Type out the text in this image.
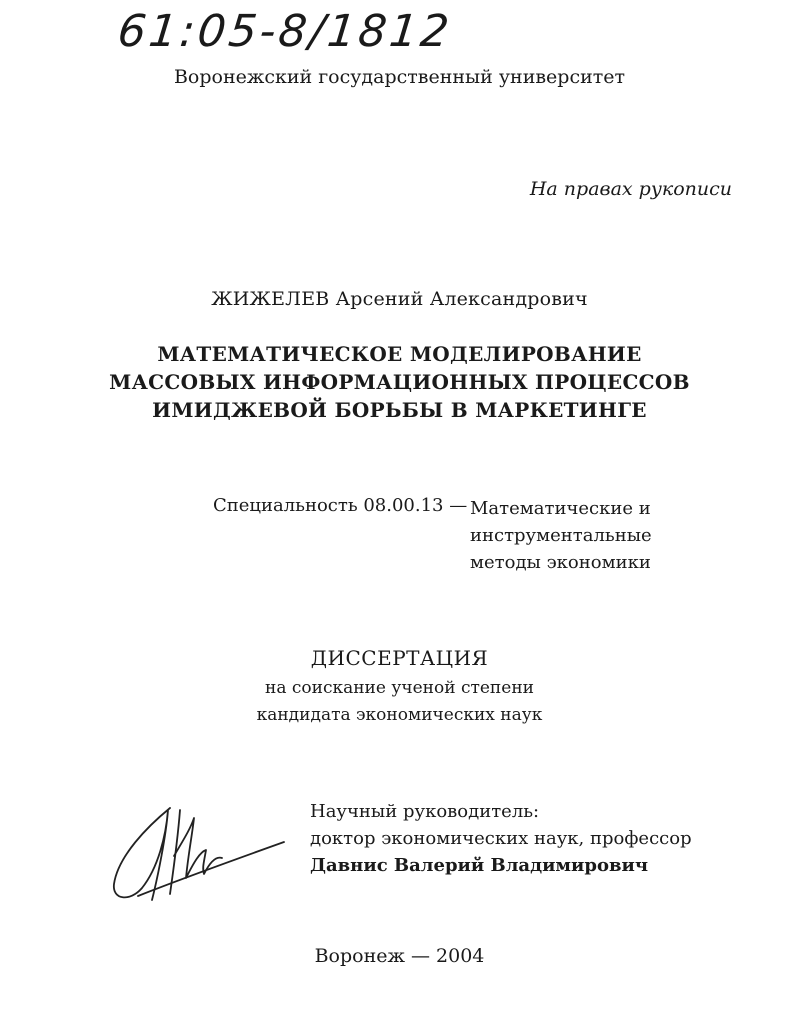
61:05-8/1812
Воронежский государственный университет
На правах рукописи
ЖИЖЕЛЕВ Арсений Александрович
МАТЕМАТИЧЕСКОЕ МОДЕЛИРОВАНИЕ
МАССОВЫХ ИНФОРМАЦИОННЫХ ПРОЦЕССОВ
ИМИДЖЕВОЙ БОРЬБЫ В МАРКЕТИНГЕ
Специальность 08.00.13 — Математические и
инструментальные
методы экономики
ДИССЕРТАЦИЯ
на соискание ученой степени
кандидата экономических наук
Научный руководитель:
доктор экономических наук, профессор
Давнис Валерий Владимирович
Воронеж — 2004
